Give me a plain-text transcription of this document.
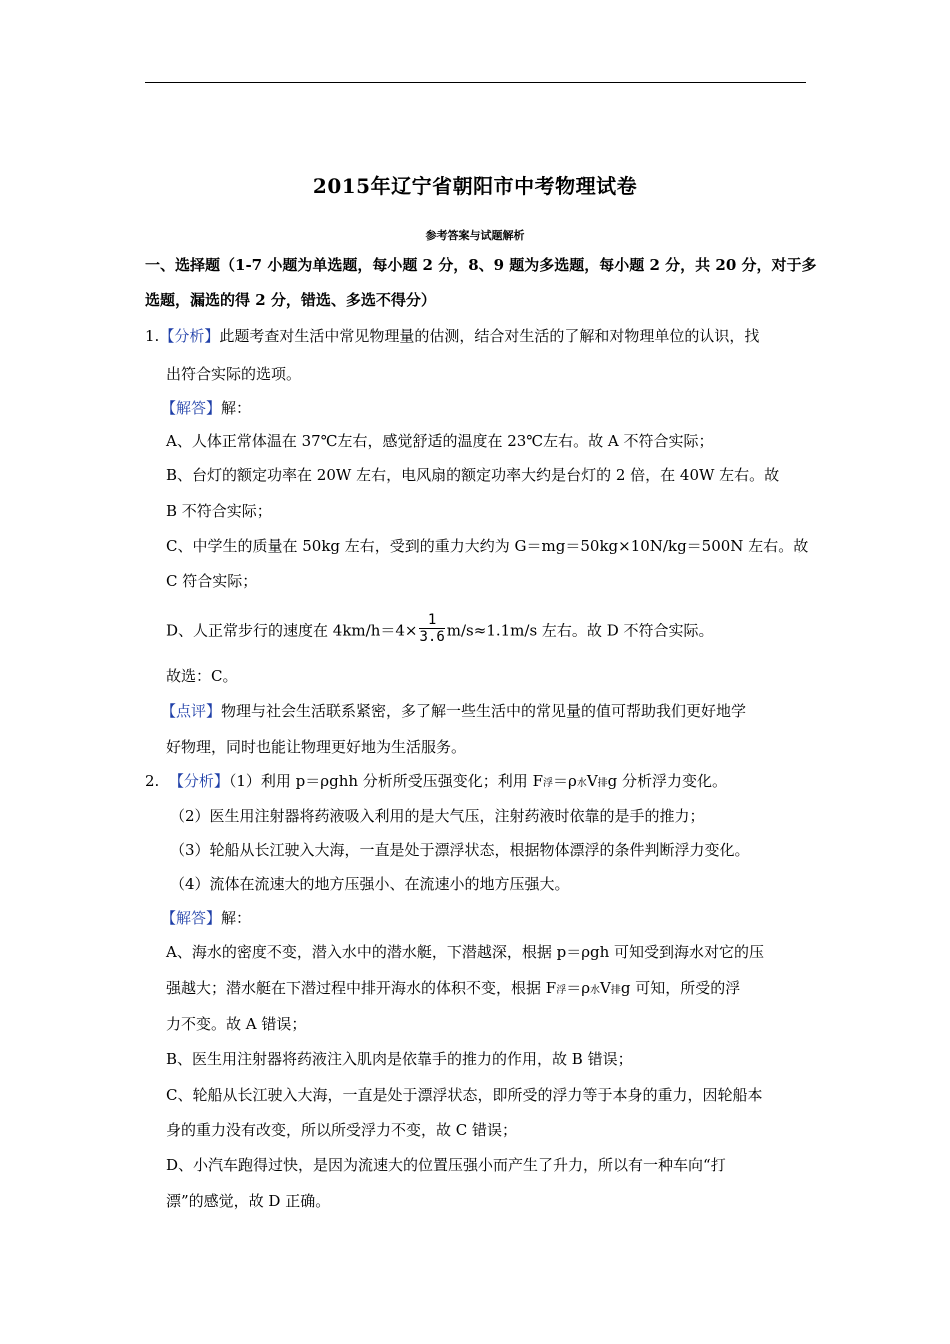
2015年辽宁省朝阳市中考物理试卷
参考答案与试题解析
一、选择题（1-7 小题为单选题，每小题 2 分，8、9 题为多选题，每小题 2 分，共 20 分，对于多
选题，漏选的得 2 分，错选、多选不得分）
1.【分析】此题考查对生活中常见物理量的估测，结合对生活的了解和对物理单位的认识，找
出符合实际的选项。
【解答】解：
A、人体正常体温在 37℃左右，感觉舒适的温度在 23℃左右。故 A 不符合实际；
B、台灯的额定功率在 20W 左右，电风扇的额定功率大约是台灯的 2 倍，在 40W 左右。故
B 不符合实际；
C、中学生的质量在 50kg 左右，受到的重力大约为 G＝mg＝50kg×10N/kg＝500N 左右。故
C 符合实际；
D、人正常步行的速度在 $4km/h=4\times \frac{1}{3.6} m/s\approx 1.1m/s$ 左右。故 D 不符合实际。
故选：C。
【点评】物理与社会生活联系紧密，多了解一些生活中的常见量的值可帮助我们更好地学
好物理，同时也能让物理更好地为生活服务。
2. 【分析】（1）利用 p＝ρghh 分析所受压强变化；利用 F浮＝ρ水V排g 分析浮力变化。
（2）医生用注射器将药液吸入利用的是大气压，注射药液时依靠的是手的推力；
（3）轮船从长江驶入大海，一直是处于漂浮状态，根据物体漂浮的条件判断浮力变化。
（4）流体在流速大的地方压强小、在流速小的地方压强大。
【解答】解：
A、海水的密度不变，潜入水中的潜水艇，下潜越深，根据 p＝ρgh 可知受到海水对它的压
强越大；潜水艇在下潜过程中排开海水的体积不变，根据 F浮＝ρ水V排g 可知，所受的浮
力不变。故 A 错误；
B、医生用注射器将药液注入肌肉是依靠手的推力的作用，故 B 错误；
C、轮船从长江驶入大海，一直是处于漂浮状态，即所受的浮力等于本身的重力，因轮船本
身的重力没有改变，所以所受浮力不变，故 C 错误；
D、小汽车跑得过快，是因为流速大的位置压强小而产生了升力，所以有一种车向“打
漂”的感觉，故 D 正确。
